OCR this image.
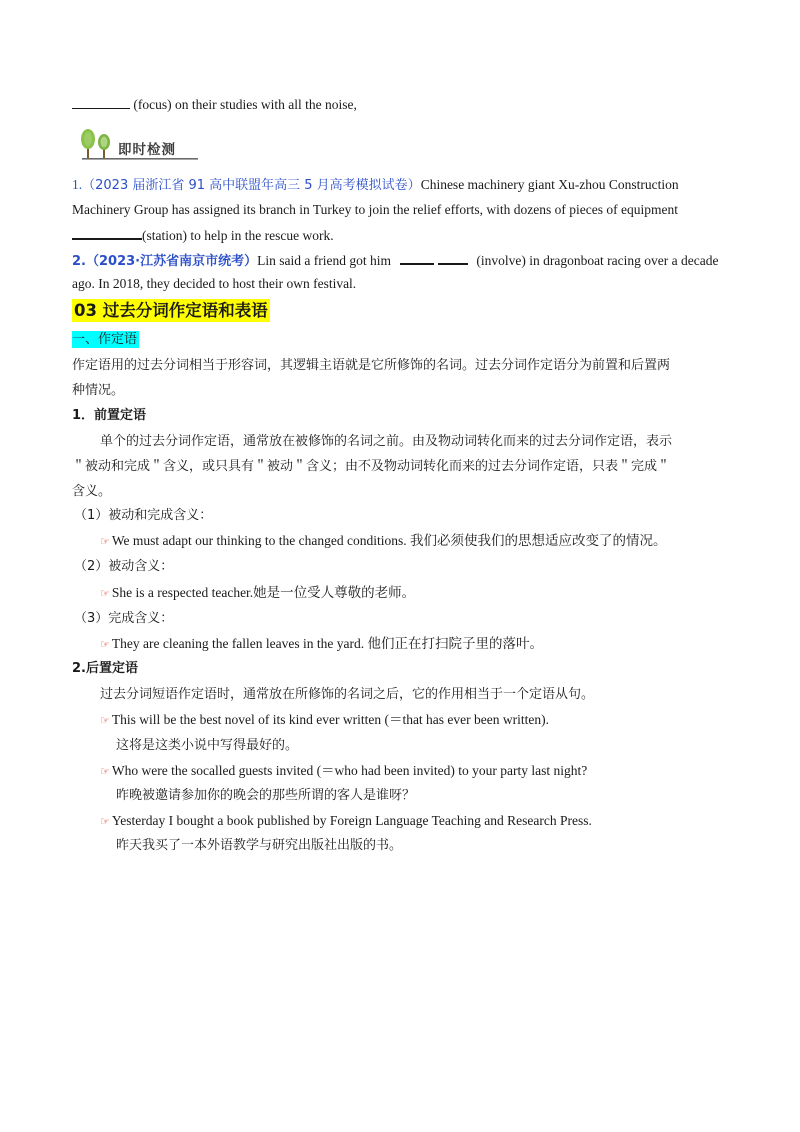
(focus) on their studies with all the noise,
即时检测
1.（2023 届浙江省 91 高中联盟年高三 5 月高考模拟试卷）Chinese machinery giant Xu-zhou Construction
Machinery Group has assigned its branch in Turkey to join the relief efforts, with dozens of pieces of equipment
(station) to help in the rescue work.
2.（2023·江苏省南京市统考）Lin said a friend got him	(involve) in dragonboat racing over a decade
ago. In 2018, they decided to host their own festival.
03 过去分词作定语和表语
一、作定语
作定语用的过去分词相当于形容词，其逻辑主语就是它所修饰的名词。过去分词作定语分为前置和后置两
种情况。
1．前置定语
单个的过去分词作定语，通常放在被修饰的名词之前。由及物动词转化而来的过去分词作定语，表示
＂被动和完成＂含义，或只具有＂被动＂含义；由不及物动词转化而来的过去分词作定语，只表＂完成＂
含义。
（1）被动和完成含义：
☞ We must adapt our thinking to the changed conditions. 我们必须使我们的思想适应改变了的情况。
（2）被动含义：
☞ She is a respected teacher.她是一位受人尊敬的老师。
（3）完成含义：
☞ They are cleaning the fallen leaves in the yard. 他们正在打扫院子里的落叶。
2.后置定语
过去分词短语作定语时，通常放在所修饰的名词之后，它的作用相当于一个定语从句。
☞ This will be the best novel of its kind ever written (＝that has ever been written).
这将是这类小说中写得最好的。
☞ Who were the socalled guests invited (＝who had been invited) to your party last night?
昨晚被邀请参加你的晚会的那些所谓的客人是谁呀？
☞ Yesterday I bought a book published by Foreign Language Teaching and Research Press.
昨天我买了一本外语教学与研究出版社出版的书。
